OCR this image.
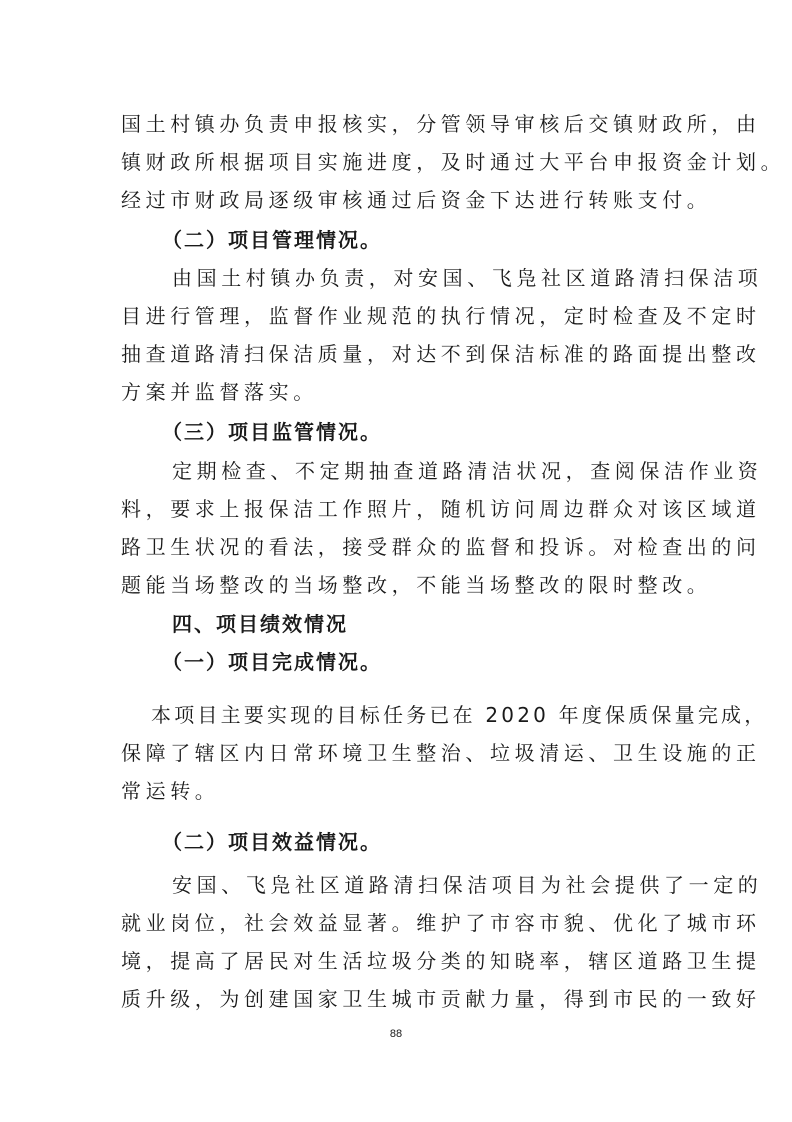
国土村镇办负责申报核实，分管领导审核后交镇财政所，由
镇财政所根据项目实施进度，及时通过大平台申报资金计划。
经过市财政局逐级审核通过后资金下达进行转账支付。
（二）项目管理情况。
由国土村镇办负责，对安国、飞凫社区道路清扫保洁项
目进行管理，监督作业规范的执行情况，定时检查及不定时
抽查道路清扫保洁质量，对达不到保洁标准的路面提出整改
方案并监督落实。
（三）项目监管情况。
定期检查、不定期抽查道路清洁状况，查阅保洁作业资
料，要求上报保洁工作照片，随机访问周边群众对该区域道
路卫生状况的看法，接受群众的监督和投诉。对检查出的问
题能当场整改的当场整改，不能当场整改的限时整改。
四、项目绩效情况
（一）项目完成情况。
本项目主要实现的目标任务已在 2020 年度保质保量完成，
保障了辖区内日常环境卫生整治、垃圾清运、卫生设施的正
常运转。
（二）项目效益情况。
安国、飞凫社区道路清扫保洁项目为社会提供了一定的
就业岗位，社会效益显著。维护了市容市貌、优化了城市环
境，提高了居民对生活垃圾分类的知晓率，辖区道路卫生提
质升级，为创建国家卫生城市贡献力量，得到市民的一致好
88
